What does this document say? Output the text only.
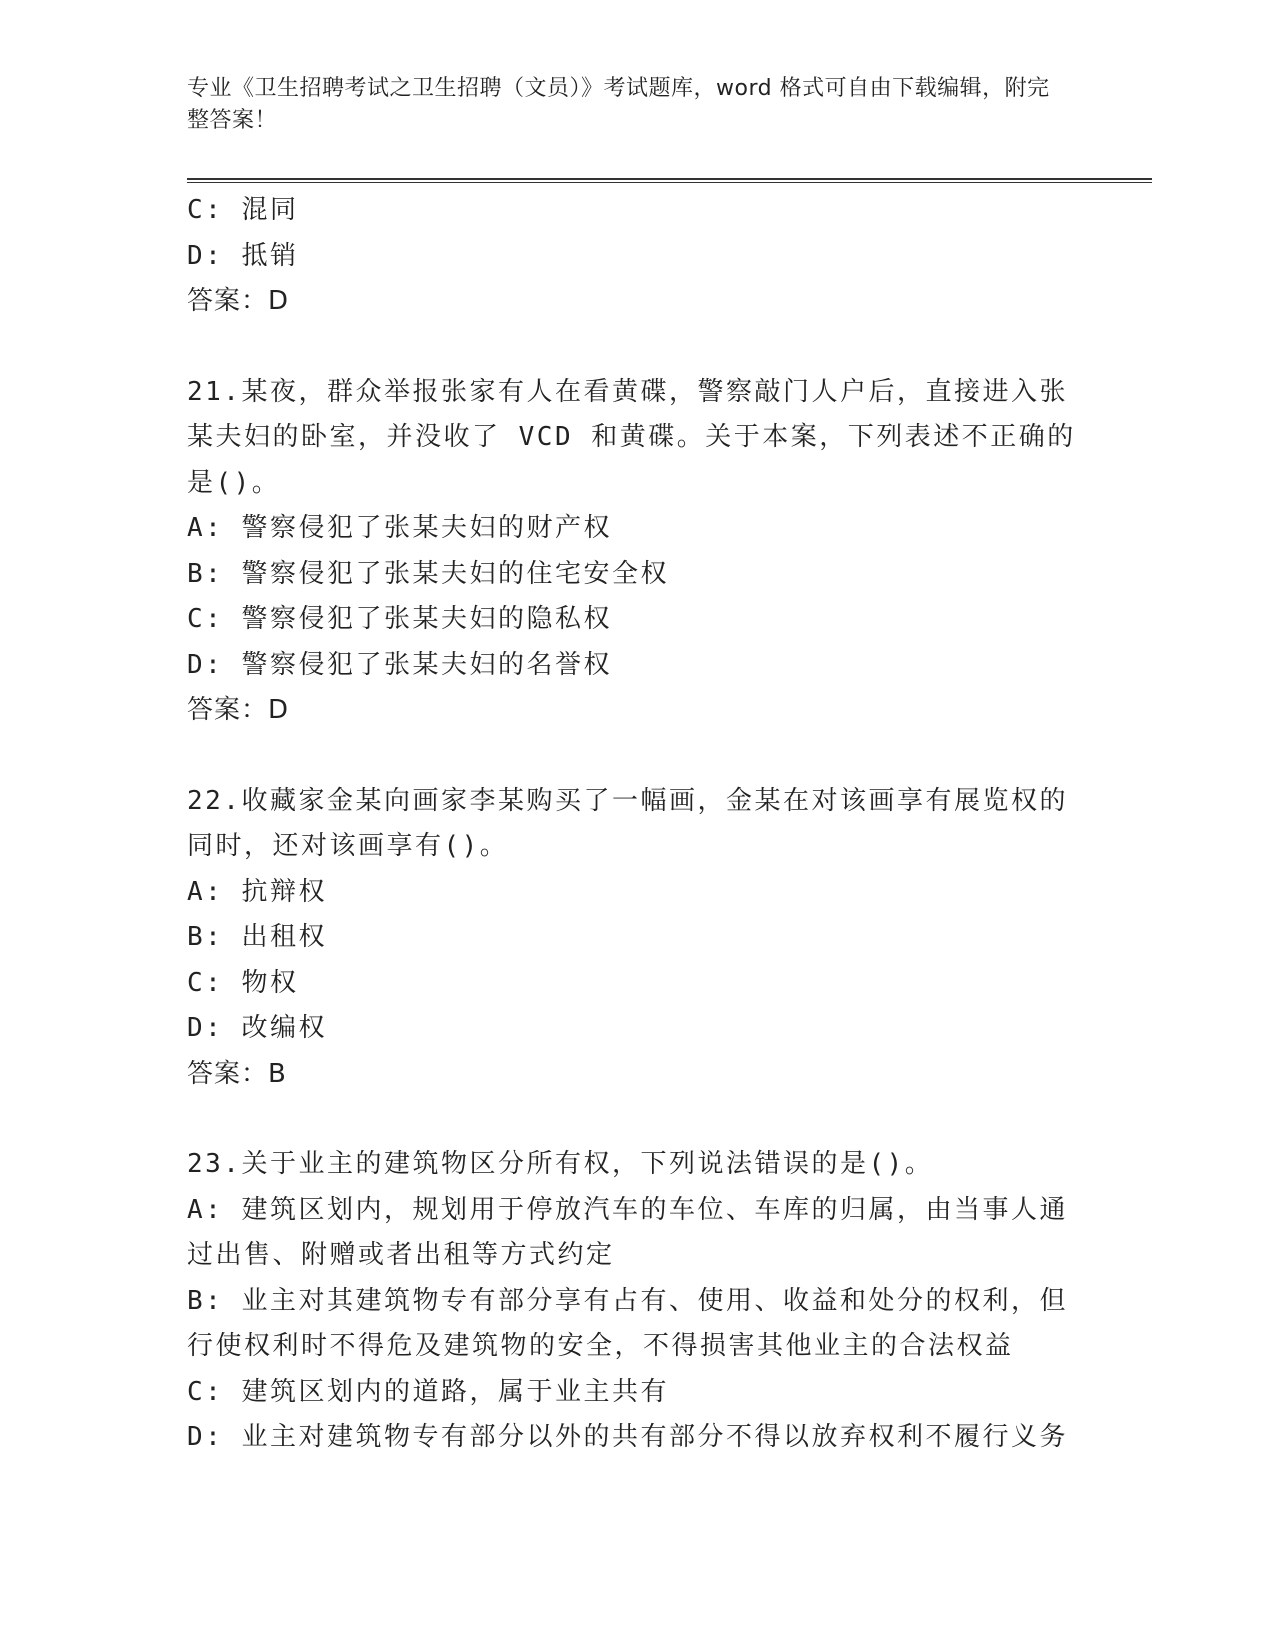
专业《卫生招聘考试之卫生招聘（文员）》考试题库，word 格式可自由下载编辑，附完整答案！
C: 混同
D: 抵销
答案：D
21.某夜，群众举报张家有人在看黄碟，警察敲门人户后，直接进入张某夫妇的卧室，并没收了 VCD 和黄碟。关于本案，下列表述不正确的是()。
A: 警察侵犯了张某夫妇的财产权
B: 警察侵犯了张某夫妇的住宅安全权
C: 警察侵犯了张某夫妇的隐私权
D: 警察侵犯了张某夫妇的名誉权
答案：D
22.收藏家金某向画家李某购买了一幅画，金某在对该画享有展览权的同时，还对该画享有()。
A: 抗辩权
B: 出租权
C: 物权
D: 改编权
答案：B
23.关于业主的建筑物区分所有权，下列说法错误的是()。
A: 建筑区划内，规划用于停放汽车的车位、车库的归属，由当事人通过出售、附赠或者出租等方式约定
B: 业主对其建筑物专有部分享有占有、使用、收益和处分的权利，但行使权利时不得危及建筑物的安全，不得损害其他业主的合法权益
C: 建筑区划内的道路，属于业主共有
D: 业主对建筑物专有部分以外的共有部分不得以放弃权利不履行义务
